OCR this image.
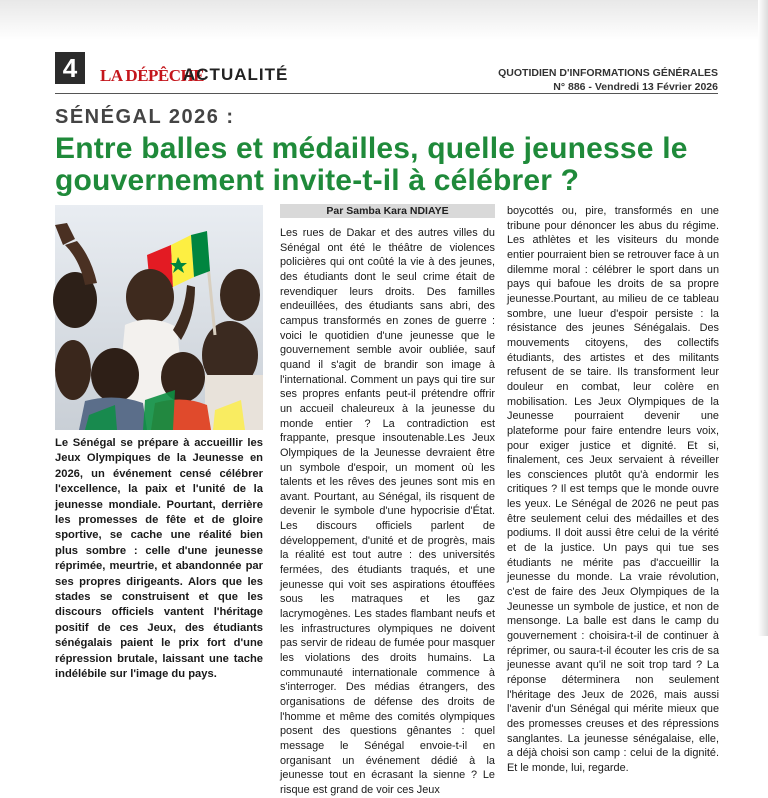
4	LA DÉPÊCHE
ACTUALITÉ	QUOTIDIEN D'INFORMATIONS GÉNÉRALES
N° 886 - Vendredi 13 Février 2026
SÉNÉGAL 2026 :
Entre balles et médailles, quelle jeunesse le gouvernement invite-t-il à célébrer ?
Le Sénégal se prépare à accueillir les Jeux Olympiques de la Jeunesse en 2026, un événement censé célébrer l'excellence, la paix et l'unité de la jeunesse mondiale. Pourtant, derrière les promesses de fête et de gloire sportive, se cache une réalité bien plus sombre : celle d'une jeunesse réprimée, meurtrie, et abandonnée par ses propres dirigeants. Alors que les stades se construisent et que les discours officiels vantent l'héritage positif de ces Jeux, des étudiants sénégalais paient le prix fort d'une répression brutale, laissant une tache indélébile sur l'image du pays.
Par Samba Kara NDIAYE
Les rues de Dakar et des autres villes du Sénégal ont été le théâtre de violences policières qui ont coûté la vie à des jeunes, des étudiants dont le seul crime était de revendiquer leurs droits. Des familles endeuillées, des étudiants sans abri, des campus transformés en zones de guerre : voici le quotidien d'une jeunesse que le gouvernement semble avoir oubliée, sauf quand il s'agit de brandir son image à l'international. Comment un pays qui tire sur ses propres enfants peut-il prétendre offrir un accueil chaleureux à la jeunesse du monde entier ? La contradiction est frappante, presque insoutenable.Les Jeux Olympiques de la Jeunesse devraient être un symbole d'espoir, un moment où les talents et les rêves des jeunes sont mis en avant. Pourtant, au Sénégal, ils risquent de devenir le symbole d'une hypocrisie d'État. Les discours officiels parlent de développement, d'unité et de progrès, mais la réalité est tout autre : des universités fermées, des étudiants traqués, et une jeunesse qui voit ses aspirations étouffées sous les matraques et les gaz lacrymogènes. Les stades flambant neufs et les infrastructures olympiques ne doivent pas servir de rideau de fumée pour masquer les violations des droits humains. La communauté internationale commence à s'interroger. Des médias étrangers, des organisations de défense des droits de l'homme et même des comités olympiques posent des questions gênantes : quel message le Sénégal envoie-t-il en organisant un événement dédié à la jeunesse tout en écrasant la sienne ? Le risque est grand de voir ces Jeux
boycottés ou, pire, transformés en une tribune pour dénoncer les abus du régime. Les athlètes et les visiteurs du monde entier pourraient bien se retrouver face à un dilemme moral : célébrer le sport dans un pays qui bafoue les droits de sa propre jeunesse.Pourtant, au milieu de ce tableau sombre, une lueur d'espoir persiste : la résistance des jeunes Sénégalais. Des mouvements citoyens, des collectifs étudiants, des artistes et des militants refusent de se taire. Ils transforment leur douleur en combat, leur colère en mobilisation. Les Jeux Olympiques de la Jeunesse pourraient devenir une plateforme pour faire entendre leurs voix, pour exiger justice et dignité. Et si, finalement, ces Jeux servaient à réveiller les consciences plutôt qu'à endormir les critiques ? Il est temps que le monde ouvre les yeux. Le Sénégal de 2026 ne peut pas être seulement celui des médailles et des podiums. Il doit aussi être celui de la vérité et de la justice. Un pays qui tue ses étudiants ne mérite pas d'accueillir la jeunesse du monde. La vraie révolution, c'est de faire des Jeux Olympiques de la Jeunesse un symbole de justice, et non de mensonge. La balle est dans le camp du gouvernement : choisira-t-il de continuer à réprimer, ou saura-t-il écouter les cris de sa jeunesse avant qu'il ne soit trop tard ? La réponse déterminera non seulement l'héritage des Jeux de 2026, mais aussi l'avenir d'un Sénégal qui mérite mieux que des promesses creuses et des répressions sanglantes. La jeunesse sénégalaise, elle, a déjà choisi son camp : celui de la dignité. Et le monde, lui, regarde.
